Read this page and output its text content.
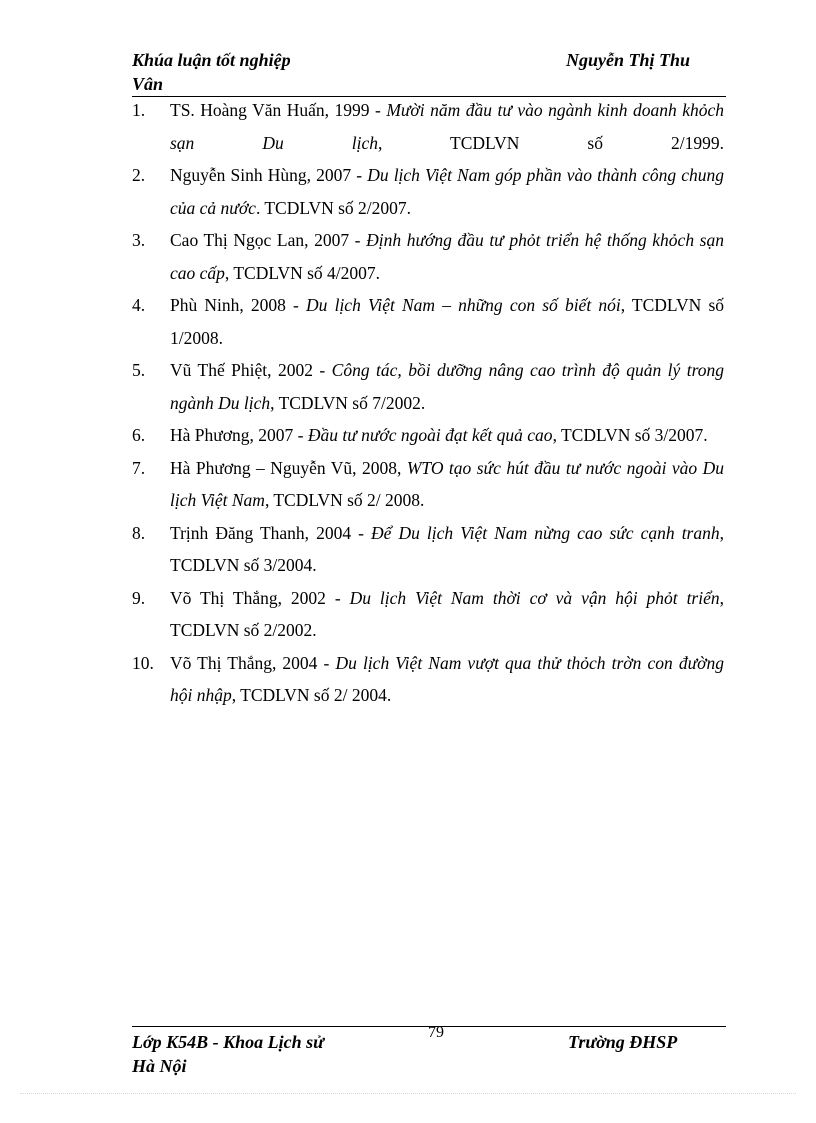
Khúa luận tốt nghiệp
Vân
Nguyễn Thị Thu
1. TS. Hoàng Văn Huấn, 1999 - Mười năm đầu tư vào ngành kinh doanh khỏch sạn Du lịch, TCDLVN số 2/1999.
2. Nguyễn Sinh Hùng, 2007 - Du lịch Việt Nam góp phần vào thành công chung của cả nước. TCDLVN số 2/2007.
3. Cao Thị Ngọc Lan, 2007 - Định hướng đầu tư phỏt triển hệ thống khỏch sạn cao cấp, TCDLVN số 4/2007.
4. Phù Ninh, 2008 - Du lịch Việt Nam – những con số biết nói, TCDLVN số 1/2008.
5. Vũ Thế Phiệt, 2002 - Công tác, bồi dưỡng nâng cao trình độ quản lý trong ngành Du lịch, TCDLVN số 7/2002.
6. Hà Phương, 2007 - Đầu tư nước ngoài đạt kết quả cao, TCDLVN số 3/2007.
7. Hà Phương – Nguyễn Vũ, 2008, WTO tạo sức hút đầu tư nước ngoài vào Du lịch Việt Nam, TCDLVN số 2/ 2008.
8. Trịnh Đăng Thanh, 2004 - Để Du lịch Việt Nam nừng cao sức cạnh tranh, TCDLVN số 3/2004.
9. Võ Thị Thắng, 2002 - Du lịch Việt Nam thời cơ và vận hội phỏt triển, TCDLVN số 2/2002.
10. Võ Thị Thắng, 2004 - Du lịch Việt Nam vượt qua thử thỏch trờn con đường hội nhập, TCDLVN số 2/ 2004.
Lớp K54B - Khoa Lịch sử
Hà Nội
79	Trường ĐHSP
